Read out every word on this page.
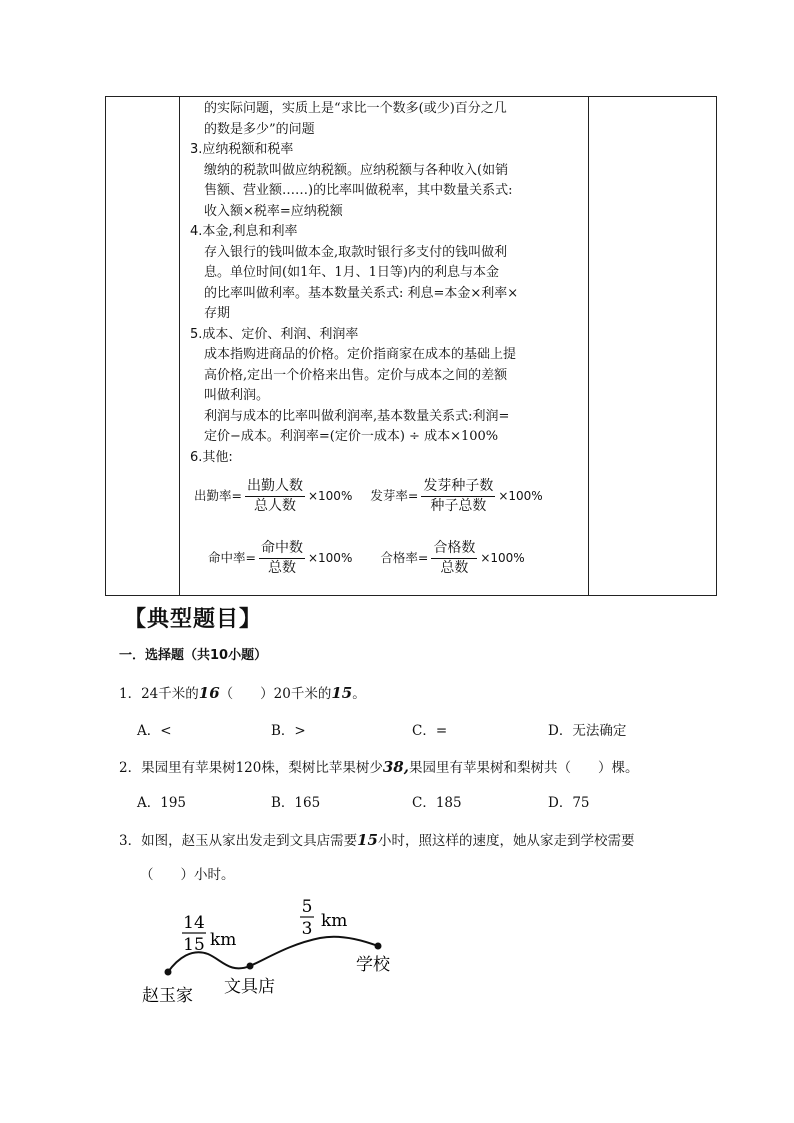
的实际问题，实质上是“求比一个数多(或少)百分之几
的数是多少”的问题
3.应纳税额和税率
缴纳的税款叫做应纳税额。应纳税额与各种收入(如销
售额、营业额……)的比率叫做税率，其中数量关系式:
收入额×税率=应纳税额
4.本金,利息和利率
存入银行的钱叫做本金,取款时银行多支付的钱叫做利
息。单位时间(如1年、1月、1日等)内的利息与本金
的比率叫做利率。基本数量关系式: 利息=本金×利率×
存期
5.成本、定价、利润、利润率
成本指购进商品的价格。定价指商家在成本的基础上提
高价格,定出一个价格来出售。定价与成本之间的差额
叫做利润。
利润与成本的比率叫做利润率,基本数量关系式:利润=
定价−成本。利润率=(定价一成本) ÷ 成本×100%
6.其他:
出勤率= $\frac{\text{出勤人数}}{\text{总人数}} \times 100\%$ 发芽率= $\frac{\text{发芽种子数}}{\text{种子总数}} \times 100\%$
命中率= $\frac{\text{命中数}}{\text{总数}} \times 100\%$ 合格率= $\frac{\text{合格数}}{\text{总数}} \times 100\%$
【典型题目】
一．选择题（共10小题）
1．24千米的16（　　）20千米的15。
A．<	B．>	C．=	D．无法确定
2．果园里有苹果树120株，梨树比苹果树少38,果园里有苹果树和梨树共（　　）棵。
A．195	B．165	C．185	D．75
3．如图，赵玉从家出发走到文具店需要15小时，照这样的速度，她从家走到学校需要
（　　）小时。
14
15 km
5
3 km
赵玉家 文具店
学校
